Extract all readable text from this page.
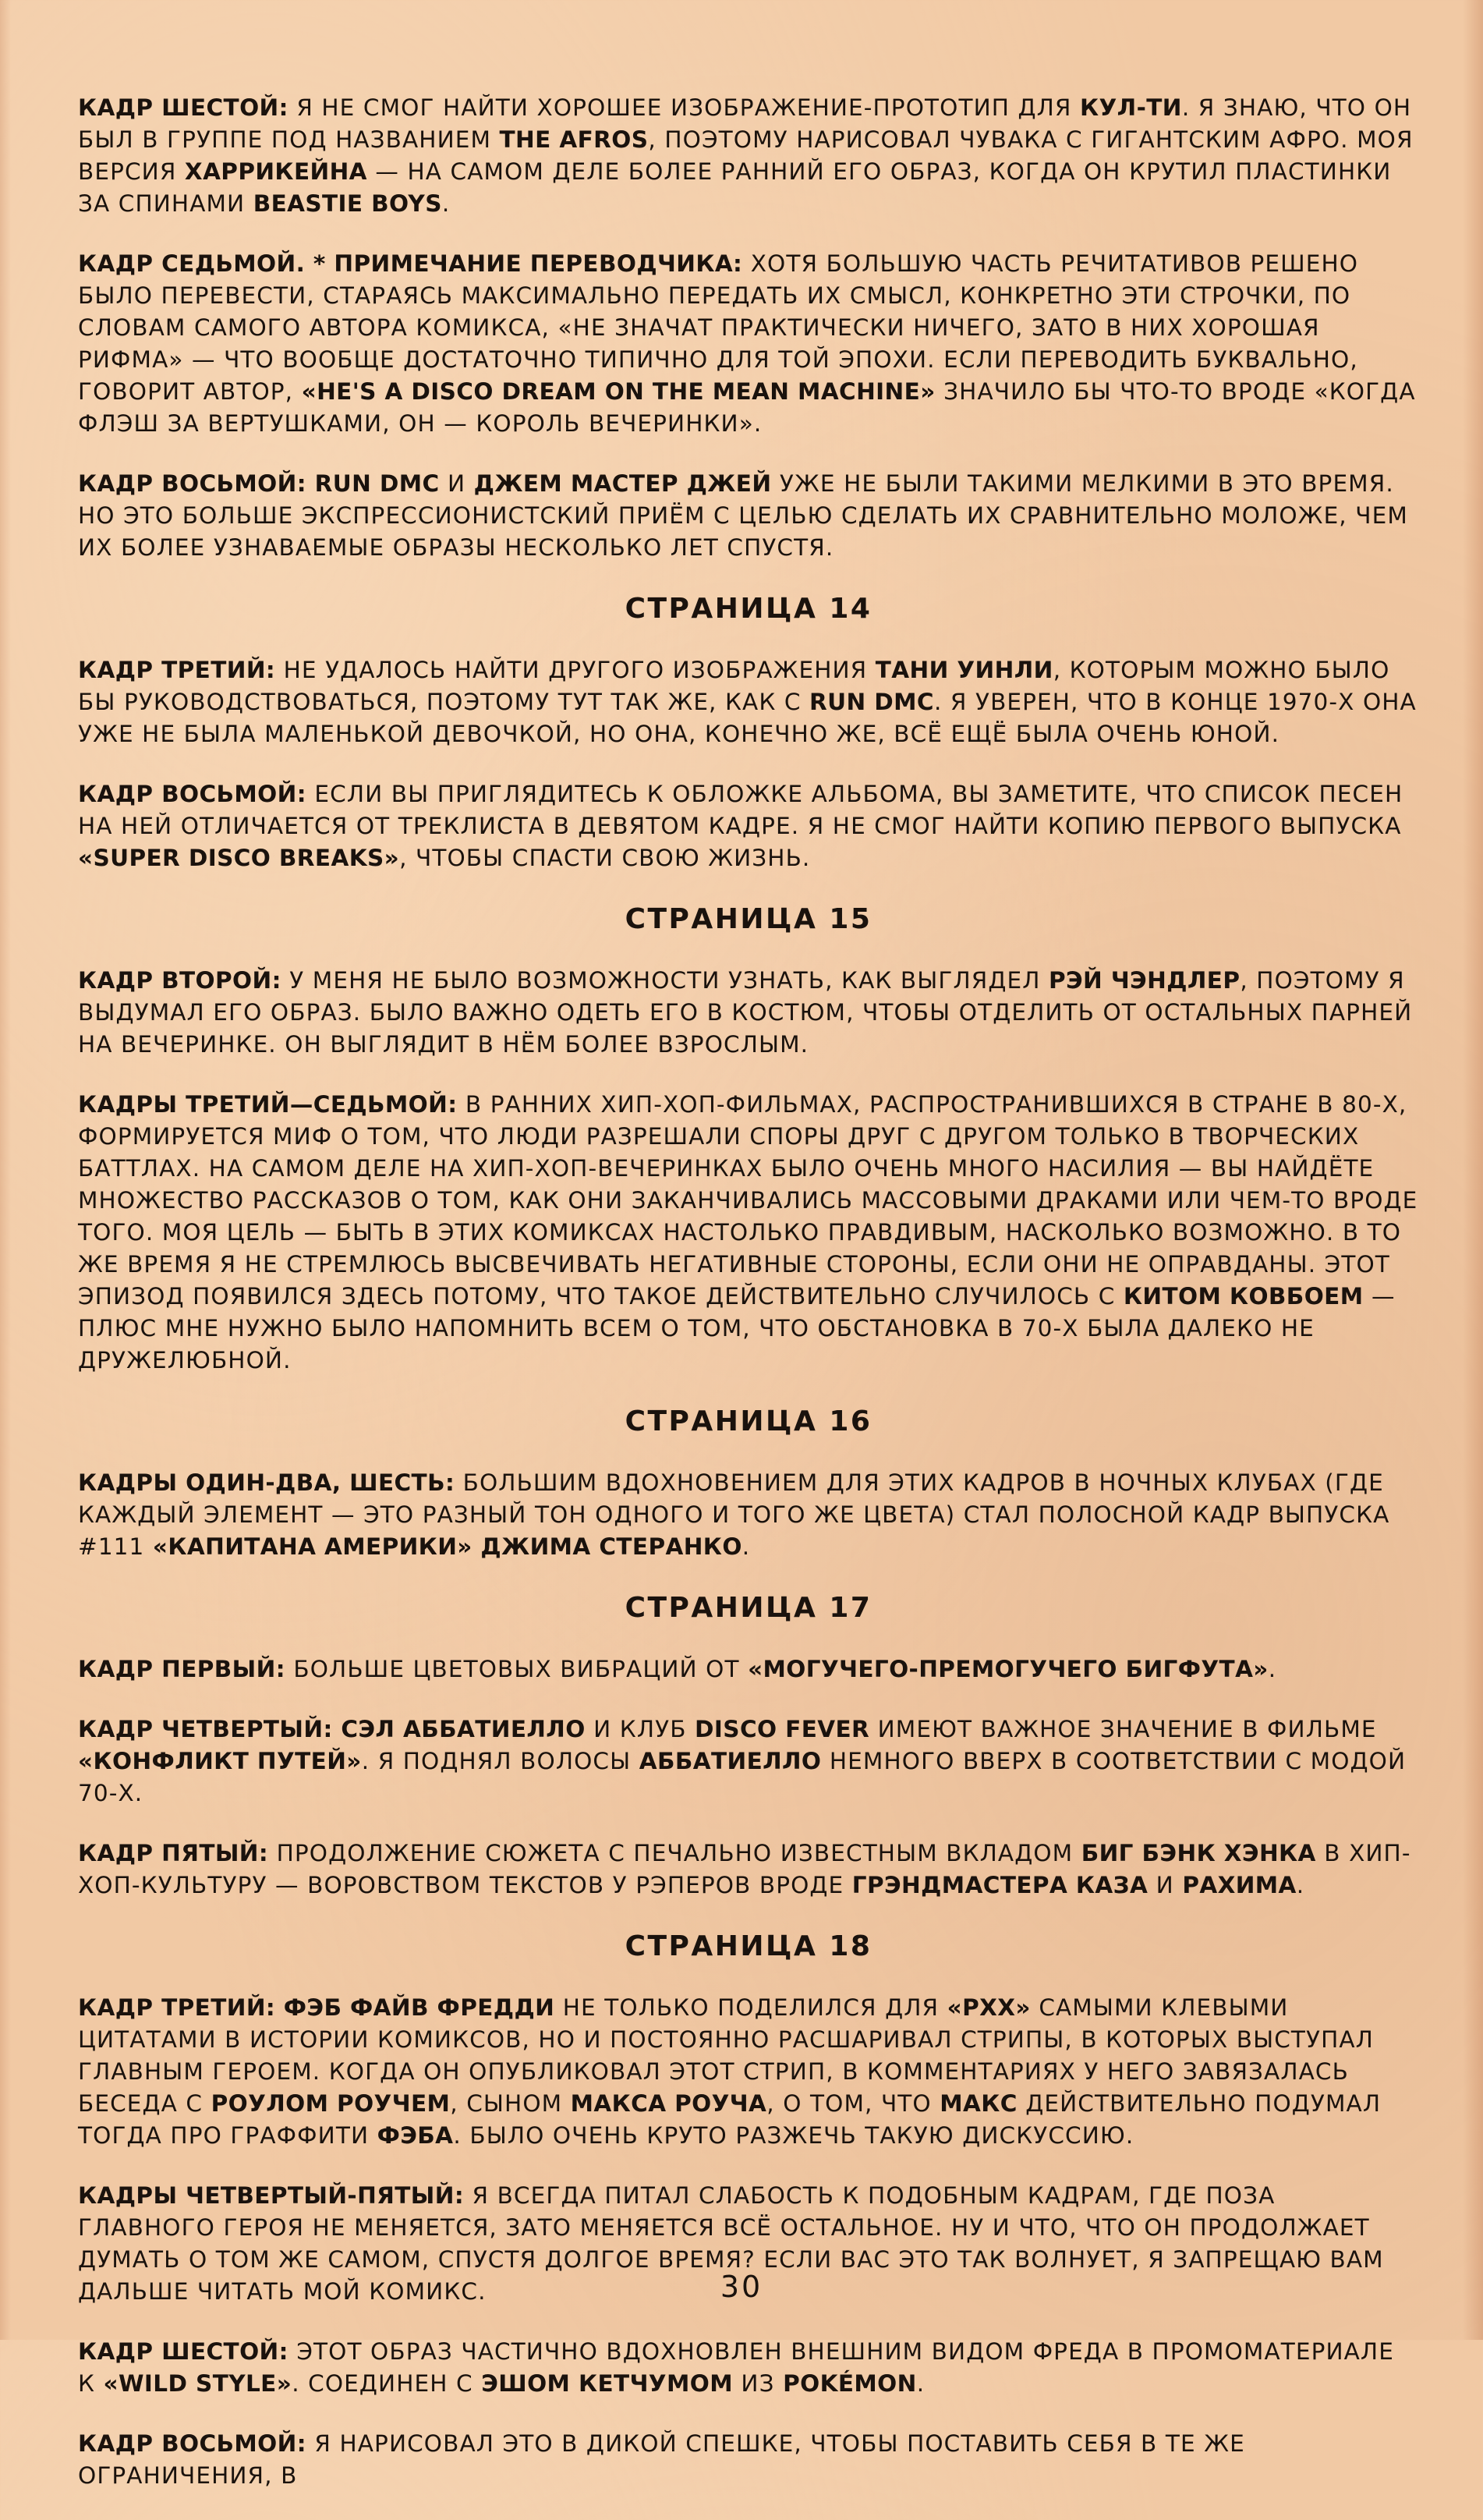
КАДР ШЕСТОЙ: Я НЕ СМОГ НАЙТИ ХОРОШЕЕ ИЗОБРАЖЕНИЕ-ПРОТОТИП ДЛЯ КУЛ-ТИ. Я ЗНАЮ, ЧТО ОН БЫЛ В ГРУППЕ ПОД НАЗВАНИЕМ THE AFROS, ПОЭТОМУ НАРИСОВАЛ ЧУВАКА С ГИГАНТСКИМ АФРО. МОЯ ВЕРСИЯ ХАРРИКЕЙНА — НА САМОМ ДЕЛЕ БОЛЕЕ РАННИЙ ЕГО ОБРАЗ, КОГДА ОН КРУТИЛ ПЛАСТИНКИ ЗА СПИНАМИ BEASTIE BOYS.

КАДР СЕДЬМОЙ. * ПРИМЕЧАНИЕ ПЕРЕВОДЧИКА: ХОТЯ БОЛЬШУЮ ЧАСТЬ РЕЧИТАТИВОВ РЕШЕНО БЫЛО ПЕРЕВЕСТИ, СТАРАЯСЬ МАКСИМАЛЬНО ПЕРЕДАТЬ ИХ СМЫСЛ, КОНКРЕТНО ЭТИ СТРОЧКИ, ПО СЛОВАМ САМОГО АВТОРА КОМИКСА, «НЕ ЗНАЧАТ ПРАКТИЧЕСКИ НИЧЕГО, ЗАТО В НИХ ХОРОШАЯ РИФМА» — ЧТО ВООБЩЕ ДОСТАТОЧНО ТИПИЧНО ДЛЯ ТОЙ ЭПОХИ. ЕСЛИ ПЕРЕВОДИТЬ БУКВАЛЬНО, ГОВОРИТ АВТОР, «HE'S A DISCO DREAM ON THE MEAN MACHINE» ЗНАЧИЛО БЫ ЧТО-ТО ВРОДЕ «КОГДА ФЛЭШ ЗА ВЕРТУШКАМИ, ОН — КОРОЛЬ ВЕЧЕРИНКИ».

КАДР ВОСЬМОЙ: RUN DMC И ДЖЕМ МАСТЕР ДЖЕЙ УЖЕ НЕ БЫЛИ ТАКИМИ МЕЛКИМИ В ЭТО ВРЕМЯ. НО ЭТО БОЛЬШЕ ЭКСПРЕССИОНИСТСКИЙ ПРИЁМ С ЦЕЛЬЮ СДЕЛАТЬ ИХ СРАВНИТЕЛЬНО МОЛОЖЕ, ЧЕМ ИХ БОЛЕЕ УЗНАВАЕМЫЕ ОБРАЗЫ НЕСКОЛЬКО ЛЕТ СПУСТЯ.

СТРАНИЦА 14

КАДР ТРЕТИЙ: НЕ УДАЛОСЬ НАЙТИ ДРУГОГО ИЗОБРАЖЕНИЯ ТАНИ УИНЛИ, КОТОРЫМ МОЖНО БЫЛО БЫ РУКОВОДСТВОВАТЬСЯ, ПОЭТОМУ ТУТ ТАК ЖЕ, КАК С RUN DMC. Я УВЕРЕН, ЧТО В КОНЦЕ 1970-Х ОНА УЖЕ НЕ БЫЛА МАЛЕНЬКОЙ ДЕВОЧКОЙ, НО ОНА, КОНЕЧНО ЖЕ, ВСЁ ЕЩЁ БЫЛА ОЧЕНЬ ЮНОЙ.

КАДР ВОСЬМОЙ: ЕСЛИ ВЫ ПРИГЛЯДИТЕСЬ К ОБЛОЖКЕ АЛЬБОМА, ВЫ ЗАМЕТИТЕ, ЧТО СПИСОК ПЕСЕН НА НЕЙ ОТЛИЧАЕТСЯ ОТ ТРЕКЛИСТА В ДЕВЯТОМ КАДРЕ. Я НЕ СМОГ НАЙТИ КОПИЮ ПЕРВОГО ВЫПУСКА «SUPER DISCO BREAKS», ЧТОБЫ СПАСТИ СВОЮ ЖИЗНЬ.

СТРАНИЦА 15

КАДР ВТОРОЙ: У МЕНЯ НЕ БЫЛО ВОЗМОЖНОСТИ УЗНАТЬ, КАК ВЫГЛЯДЕЛ РЭЙ ЧЭНДЛЕР, ПОЭТОМУ Я ВЫДУМАЛ ЕГО ОБРАЗ. БЫЛО ВАЖНО ОДЕТЬ ЕГО В КОСТЮМ, ЧТОБЫ ОТДЕЛИТЬ ОТ ОСТАЛЬНЫХ ПАРНЕЙ НА ВЕЧЕРИНКЕ. ОН ВЫГЛЯДИТ В НЁМ БОЛЕЕ ВЗРОСЛЫМ.

КАДРЫ ТРЕТИЙ—СЕДЬМОЙ: В РАННИХ ХИП-ХОП-ФИЛЬМАХ, РАСПРОСТРАНИВШИХСЯ В СТРАНЕ В 80-Х, ФОРМИРУЕТСЯ МИФ О ТОМ, ЧТО ЛЮДИ РАЗРЕШАЛИ СПОРЫ ДРУГ С ДРУГОМ ТОЛЬКО В ТВОРЧЕСКИХ БАТТЛАХ. НА САМОМ ДЕЛЕ НА ХИП-ХОП-ВЕЧЕРИНКАХ БЫЛО ОЧЕНЬ МНОГО НАСИЛИЯ — ВЫ НАЙДЁТЕ МНОЖЕСТВО РАССКАЗОВ О ТОМ, КАК ОНИ ЗАКАНЧИВАЛИСЬ МАССОВЫМИ ДРАКАМИ ИЛИ ЧЕМ-ТО ВРОДЕ ТОГО. МОЯ ЦЕЛЬ — БЫТЬ В ЭТИХ КОМИКСАХ НАСТОЛЬКО ПРАВДИВЫМ, НАСКОЛЬКО ВОЗМОЖНО. В ТО ЖЕ ВРЕМЯ Я НЕ СТРЕМЛЮСЬ ВЫСВЕЧИВАТЬ НЕГАТИВНЫЕ СТОРОНЫ, ЕСЛИ ОНИ НЕ ОПРАВДАНЫ. ЭТОТ ЭПИЗОД ПОЯВИЛСЯ ЗДЕСЬ ПОТОМУ, ЧТО ТАКОЕ ДЕЙСТВИТЕЛЬНО СЛУЧИЛОСЬ С КИТОМ КОВБОЕМ — ПЛЮС МНЕ НУЖНО БЫЛО НАПОМНИТЬ ВСЕМ О ТОМ, ЧТО ОБСТАНОВКА В 70-Х БЫЛА ДАЛЕКО НЕ ДРУЖЕЛЮБНОЙ.

СТРАНИЦА 16

КАДРЫ ОДИН-ДВА, ШЕСТЬ: БОЛЬШИМ ВДОХНОВЕНИЕМ ДЛЯ ЭТИХ КАДРОВ В НОЧНЫХ КЛУБАХ (ГДЕ КАЖДЫЙ ЭЛЕМЕНТ — ЭТО РАЗНЫЙ ТОН ОДНОГО И ТОГО ЖЕ ЦВЕТА) СТАЛ ПОЛОСНОЙ КАДР ВЫПУСКА #111 «КАПИТАНА АМЕРИКИ» ДЖИМА СТЕРАНКО.

СТРАНИЦА 17

КАДР ПЕРВЫЙ: БОЛЬШЕ ЦВЕТОВЫХ ВИБРАЦИЙ ОТ «МОГУЧЕГО-ПРЕМОГУЧЕГО БИГФУТА».

КАДР ЧЕТВЕРТЫЙ: СЭЛ АББАТИЕЛЛО И КЛУБ DISCO FEVER ИМЕЮТ ВАЖНОЕ ЗНАЧЕНИЕ В ФИЛЬМЕ «КОНФЛИКТ ПУТЕЙ». Я ПОДНЯЛ ВОЛОСЫ АББАТИЕЛЛО НЕМНОГО ВВЕРХ В СООТВЕТСТВИИ С МОДОЙ 70-Х.

КАДР ПЯТЫЙ: ПРОДОЛЖЕНИЕ СЮЖЕТА С ПЕЧАЛЬНО ИЗВЕСТНЫМ ВКЛАДОМ БИГ БЭНК ХЭНКА В ХИП-ХОП-КУЛЬТУРУ — ВОРОВСТВОМ ТЕКСТОВ У РЭПЕРОВ ВРОДЕ ГРЭНДМАСТЕРА КАЗА И РАХИМА.

СТРАНИЦА 18

КАДР ТРЕТИЙ: ФЭБ ФАЙВ ФРЕДДИ НЕ ТОЛЬКО ПОДЕЛИЛСЯ ДЛЯ «PXX» САМЫМИ КЛЕВЫМИ ЦИТАТАМИ В ИСТОРИИ КОМИКСОВ, НО И ПОСТОЯННО РАСШАРИВАЛ СТРИПЫ, В КОТОРЫХ ВЫСТУПАЛ ГЛАВНЫМ ГЕРОЕМ. КОГДА ОН ОПУБЛИКОВАЛ ЭТОТ СТРИП, В КОММЕНТАРИЯХ У НЕГО ЗАВЯЗАЛАСЬ БЕСЕДА С РОУЛОМ РОУЧЕМ, СЫНОМ МАКСА РОУЧА, О ТОМ, ЧТО МАКС ДЕЙСТВИТЕЛЬНО ПОДУМАЛ ТОГДА ПРО ГРАФФИТИ ФЭБА. БЫЛО ОЧЕНЬ КРУТО РАЗЖЕЧЬ ТАКУЮ ДИСКУССИЮ.

КАДРЫ ЧЕТВЕРТЫЙ-ПЯТЫЙ: Я ВСЕГДА ПИТАЛ СЛАБОСТЬ К ПОДОБНЫМ КАДРАМ, ГДЕ ПОЗА ГЛАВНОГО ГЕРОЯ НЕ МЕНЯЕТСЯ, ЗАТО МЕНЯЕТСЯ ВСЁ ОСТАЛЬНОЕ. НУ И ЧТО, ЧТО ОН ПРОДОЛЖАЕТ ДУМАТЬ О ТОМ ЖЕ САМОМ, СПУСТЯ ДОЛГОЕ ВРЕМЯ? ЕСЛИ ВАС ЭТО ТАК ВОЛНУЕТ, Я ЗАПРЕЩАЮ ВАМ ДАЛЬШЕ ЧИТАТЬ МОЙ КОМИКС.

КАДР ШЕСТОЙ: ЭТОТ ОБРАЗ ЧАСТИЧНО ВДОХНОВЛЕН ВНЕШНИМ ВИДОМ ФРЕДА В ПРОМОМАТЕРИАЛЕ К «WILD STYLE». СОЕДИНЕН С ЭШОМ КЕТЧУМОМ ИЗ POKÉMON.

КАДР ВОСЬМОЙ: Я НАРИСОВАЛ ЭТО В ДИКОЙ СПЕШКЕ, ЧТОБЫ ПОСТАВИТЬ СЕБЯ В ТЕ ЖЕ ОГРАНИЧЕНИЯ, В

30
